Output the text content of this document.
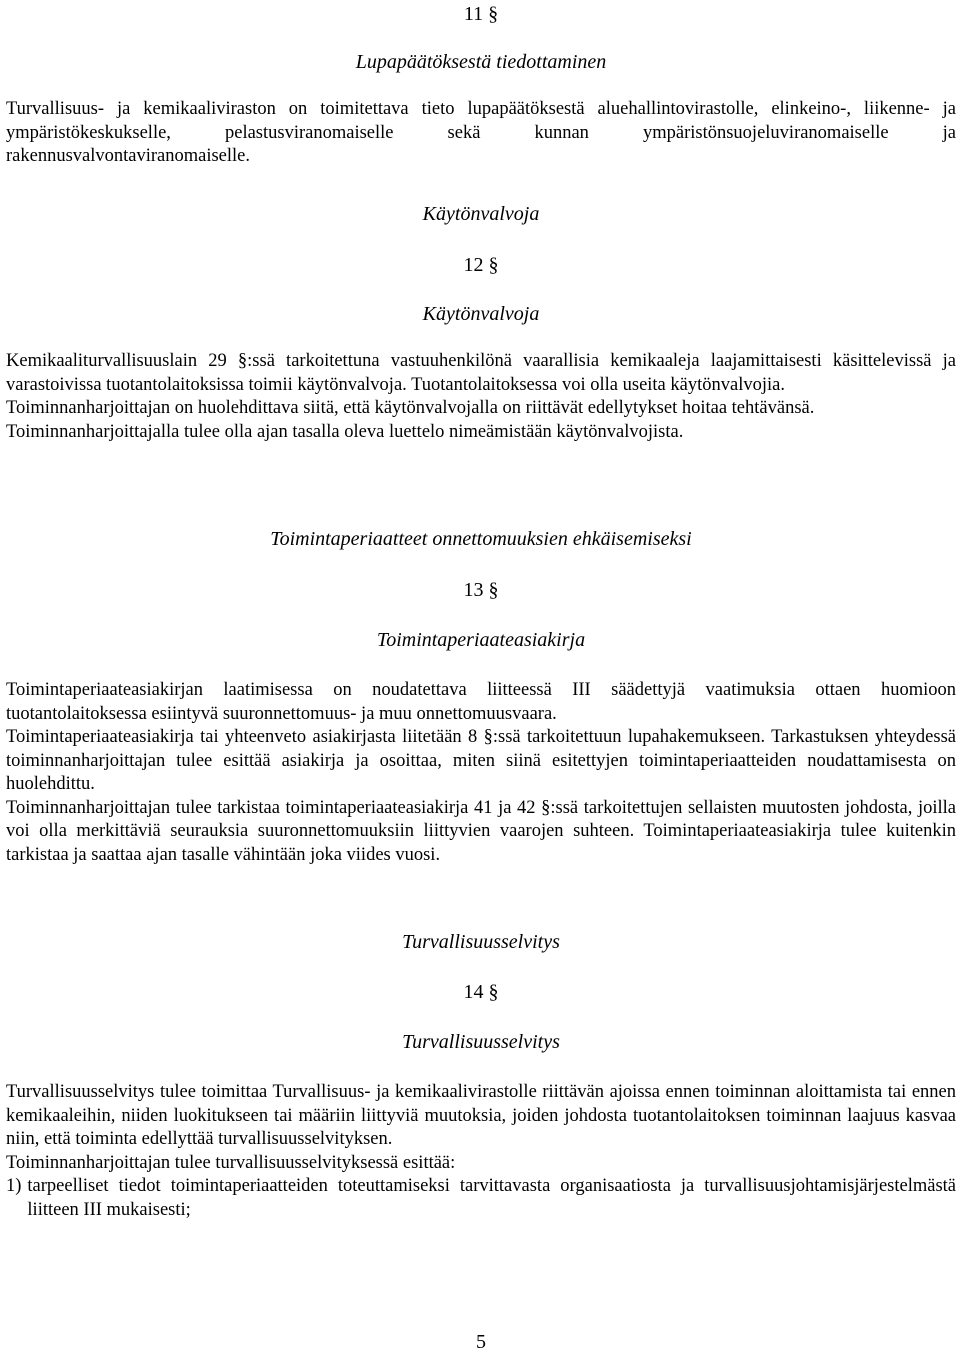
11 §
Lupapäätöksestä tiedottaminen

Turvallisuus- ja kemikaaliviraston on toimitettava tieto lupapäätöksestä aluehallintovirastolle, elinkeino-, liikenne- ja ympäristökeskukselle, pelastusviranomaiselle sekä kunnan ympäristönsuojeluviranomaiselle ja rakennusvalvontaviranomaiselle.

Käytönvalvoja
12 §
Käytönvalvoja

Kemikaaliturvallisuuslain 29 §:ssä tarkoitettuna vastuuhenkilönä vaarallisia kemikaaleja laajamittaisesti käsittelevissä ja varastoivissa tuotantolaitoksissa toimii käytönvalvoja. Tuotantolaitoksessa voi olla useita käytönvalvojia.

Toiminnanharjoittajan on huolehdittava siitä, että käytönvalvojalla on riittävät edellytykset hoitaa tehtävänsä.

Toiminnanharjoittajalla tulee olla ajan tasalla oleva luettelo nimeämistään käytönvalvojista.

Toimintaperiaatteet onnettomuuksien ehkäisemiseksi
13 §
Toimintaperiaateasiakirja

Toimintaperiaateasiakirjan laatimisessa on noudatettava liitteessä III säädettyjä vaatimuksia ottaen huomioon tuotantolaitoksessa esiintyvä suuronnettomuus- ja muu onnettomuusvaara.

Toimintaperiaateasiakirja tai yhteenveto asiakirjasta liitetään 8 §:ssä tarkoitettuun lupahakemukseen. Tarkastuksen yhteydessä toiminnanharjoittajan tulee esittää asiakirja ja osoittaa, miten siinä esitettyjen toimintaperiaatteiden noudattamisesta on huolehdittu.

Toiminnanharjoittajan tulee tarkistaa toimintaperiaateasiakirja 41 ja 42 §:ssä tarkoitettujen sellaisten muutosten johdosta, joilla voi olla merkittäviä seurauksia suuronnettomuuksiin liittyvien vaarojen suhteen. Toimintaperiaateasiakirja tulee kuitenkin tarkistaa ja saattaa ajan tasalle vähintään joka viides vuosi.

Turvallisuusselvitys
14 §
Turvallisuusselvitys

Turvallisuusselvitys tulee toimittaa Turvallisuus- ja kemikaalivirastolle riittävän ajoissa ennen toiminnan aloittamista tai ennen kemikaaleihin, niiden luokitukseen tai määriin liittyviä muutoksia, joiden johdosta tuotantolaitoksen toiminnan laajuus kasvaa niin, että toiminta edellyttää turvallisuusselvityksen.

Toiminnanharjoittajan tulee turvallisuusselvityksessä esittää:

1) tarpeelliset tiedot toimintaperiaatteiden toteuttamiseksi tarvittavasta organisaatiosta ja turvallisuusjohtamisjärjestelmästä liitteen III mukaisesti;

5
